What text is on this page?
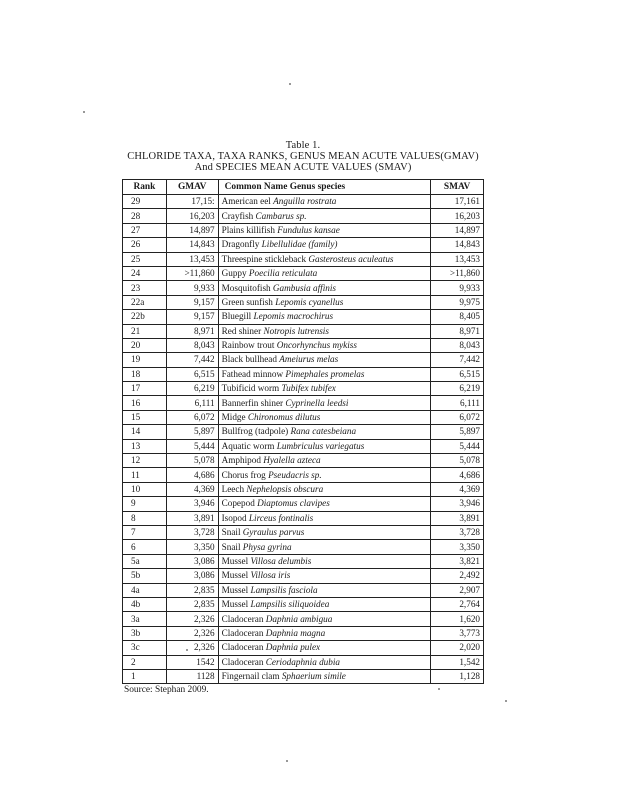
Table 1.
CHLORIDE TAXA, TAXA RANKS, GENUS MEAN ACUTE VALUES(GMAV)
And SPECIES MEAN ACUTE VALUES (SMAV)
Rank	GMAV	Common Name Genus species	SMAV
29	17,15:	American eel Anguilla rostrata	17,161
28	16,203	Crayfish Cambarus sp.	16,203
27	14,897	Plains killifish Fundulus kansae	14,897
26	14,843	Dragonfly Libellulidae (family)	14,843
25	13,453	Threespine stickleback Gasterosteus aculeatus	13,453
24	>11,860	Guppy Poecilia reticulata	>11,860
23	9,933	Mosquitofish Gambusia affinis	9,933
22a	9,157	Green sunfish Lepomis cyanellus	9,975
22b	9,157	Bluegill Lepomis macrochirus	8,405
21	8,971	Red shiner Notropis lutrensis	8,971
20	8,043	Rainbow trout Oncorhynchus mykiss	8,043
19	7,442	Black bullhead Ameiurus melas	7,442
18	6,515	Fathead minnow Pimephales promelas	6,515
17	6,219	Tubificid worm Tubifex tubifex	6,219
16	6,111	Bannerfin shiner Cyprinella leedsi	6,111
15	6,072	Midge Chironomus dilutus	6,072
14	5,897	Bullfrog (tadpole) Rana catesbeiana	5,897
13	5,444	Aquatic worm Lumbriculus variegatus	5,444
12	5,078	Amphipod Hyalella azteca	5,078
11	4,686	Chorus frog Pseudacris sp.	4,686
10	4,369	Leech Nephelopsis obscura	4,369
9	3,946	Copepod Diaptomus clavipes	3,946
8	3,891	Isopod Lirceus fontinalis	3,891
7	3,728	Snail Gyraulus parvus	3,728
6	3,350	Snail Physa gyrina	3,350
5a	3,086	Mussel Villosa delumbis	3,821
5b	3,086	Mussel Villosa iris	2,492
4a	2,835	Mussel Lampsilis fasciola	2,907
4b	2,835	Mussel Lampsilis siliquoidea	2,764
3a	2,326	Cladoceran Daphnia ambigua	1,620
3b	2,326	Cladoceran Daphnia magna	3,773
3c	2,326	Cladoceran Daphnia pulex	2,020
2	1542	Cladoceran Ceriodaphnia dubia	1,542
1	1128	Fingernail clam Sphaerium simile	1,128
Source: Stephan 2009.
